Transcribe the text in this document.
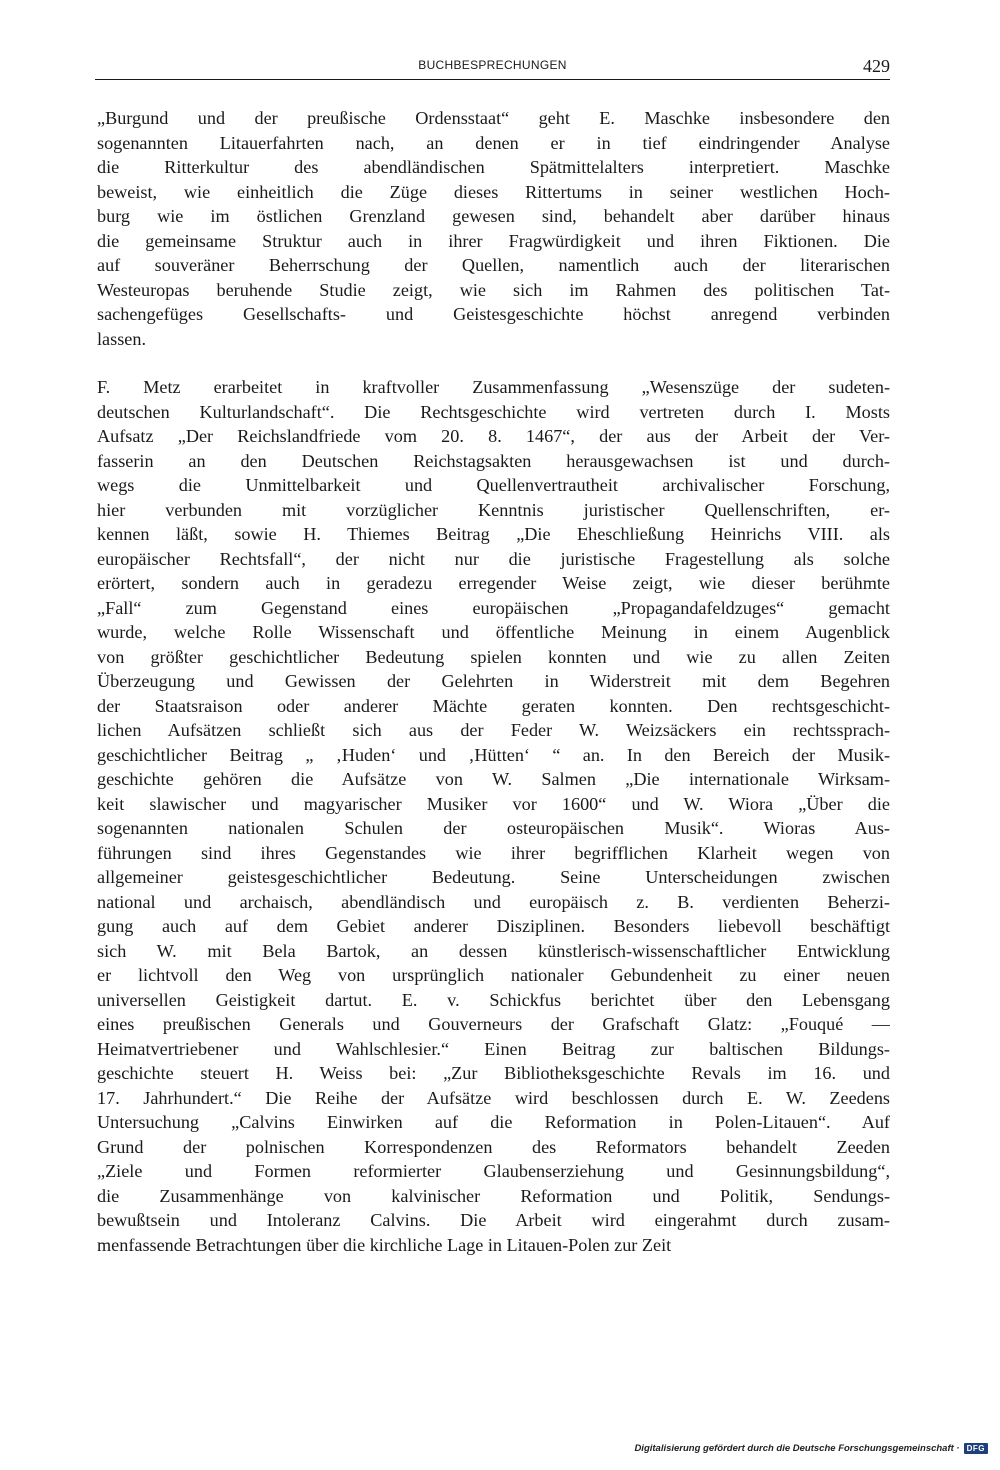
BUCHBESPRECHUNGEN	429
„Burgund und der preußische Ordensstaat“ geht E. Maschke insbesondere den
sogenannten Litauerfahrten nach, an denen er in tief eindringender Analyse
die Ritterkultur des abendländischen Spätmittelalters interpretiert. Maschke
beweist, wie einheitlich die Züge dieses Rittertums in seiner westlichen Hoch-
burg wie im östlichen Grenzland gewesen sind, behandelt aber darüber hinaus
die gemeinsame Struktur auch in ihrer Fragwürdigkeit und ihren Fiktionen. Die
auf souveräner Beherrschung der Quellen, namentlich auch der literarischen
Westeuropas beruhende Studie zeigt, wie sich im Rahmen des politischen Tat-
sachengefüges Gesellschafts- und Geistesgeschichte höchst anregend verbinden
lassen.
F. Metz erarbeitet in kraftvoller Zusammenfassung „Wesenszüge der sudeten-
deutschen Kulturlandschaft“. Die Rechtsgeschichte wird vertreten durch I. Mosts
Aufsatz „Der Reichslandfriede vom 20. 8. 1467“, der aus der Arbeit der Ver-
fasserin an den Deutschen Reichstagsakten herausgewachsen ist und durch-
wegs die Unmittelbarkeit und Quellenvertrautheit archivalischer Forschung,
hier verbunden mit vorzüglicher Kenntnis juristischer Quellenschriften, er-
kennen läßt, sowie H. Thiemes Beitrag „Die Eheschließung Heinrichs VIII. als
europäischer Rechtsfall“, der nicht nur die juristische Fragestellung als solche
erörtert, sondern auch in geradezu erregender Weise zeigt, wie dieser berühmte
„Fall“ zum Gegenstand eines europäischen „Propagandafeldzuges“ gemacht
wurde, welche Rolle Wissenschaft und öffentliche Meinung in einem Augenblick
von größter geschichtlicher Bedeutung spielen konnten und wie zu allen Zeiten
Überzeugung und Gewissen der Gelehrten in Widerstreit mit dem Begehren
der Staatsraison oder anderer Mächte geraten konnten. Den rechtsgeschicht-
lichen Aufsätzen schließt sich aus der Feder W. Weizsäckers ein rechtssprach-
geschichtlicher Beitrag „ ‚Huden‘ und ‚Hütten‘ “ an. In den Bereich der Musik-
geschichte gehören die Aufsätze von W. Salmen „Die internationale Wirksam-
keit slawischer und magyarischer Musiker vor 1600“ und W. Wiora „Über die
sogenannten nationalen Schulen der osteuropäischen Musik“. Wioras Aus-
führungen sind ihres Gegenstandes wie ihrer begrifflichen Klarheit wegen von
allgemeiner geistesgeschichtlicher Bedeutung. Seine Unterscheidungen zwischen
national und archaisch, abendländisch und europäisch z. B. verdienten Beherzi-
gung auch auf dem Gebiet anderer Disziplinen. Besonders liebevoll beschäftigt
sich W. mit Bela Bartok, an dessen künstlerisch-wissenschaftlicher Entwicklung
er lichtvoll den Weg von ursprünglich nationaler Gebundenheit zu einer neuen
universellen Geistigkeit dartut. E. v. Schickfus berichtet über den Lebensgang
eines preußischen Generals und Gouverneurs der Grafschaft Glatz: „Fouqué —
Heimatvertriebener und Wahlschlesier.“ Einen Beitrag zur baltischen Bildungs-
geschichte steuert H. Weiss bei: „Zur Bibliotheksgeschichte Revals im 16. und
17. Jahrhundert.“ Die Reihe der Aufsätze wird beschlossen durch E. W. Zeedens
Untersuchung „Calvins Einwirken auf die Reformation in Polen-Litauen“. Auf
Grund der polnischen Korrespondenzen des Reformators behandelt Zeeden
„Ziele und Formen reformierter Glaubenserziehung und Gesinnungsbildung“,
die Zusammenhänge von kalvinischer Reformation und Politik, Sendungs-
bewußtsein und Intoleranz Calvins. Die Arbeit wird eingerahmt durch zusam-
menfassende Betrachtungen über die kirchliche Lage in Litauen-Polen zur Zeit
Digitalisierung gefördert durch die Deutsche Forschungsgemeinschaft · DFG
